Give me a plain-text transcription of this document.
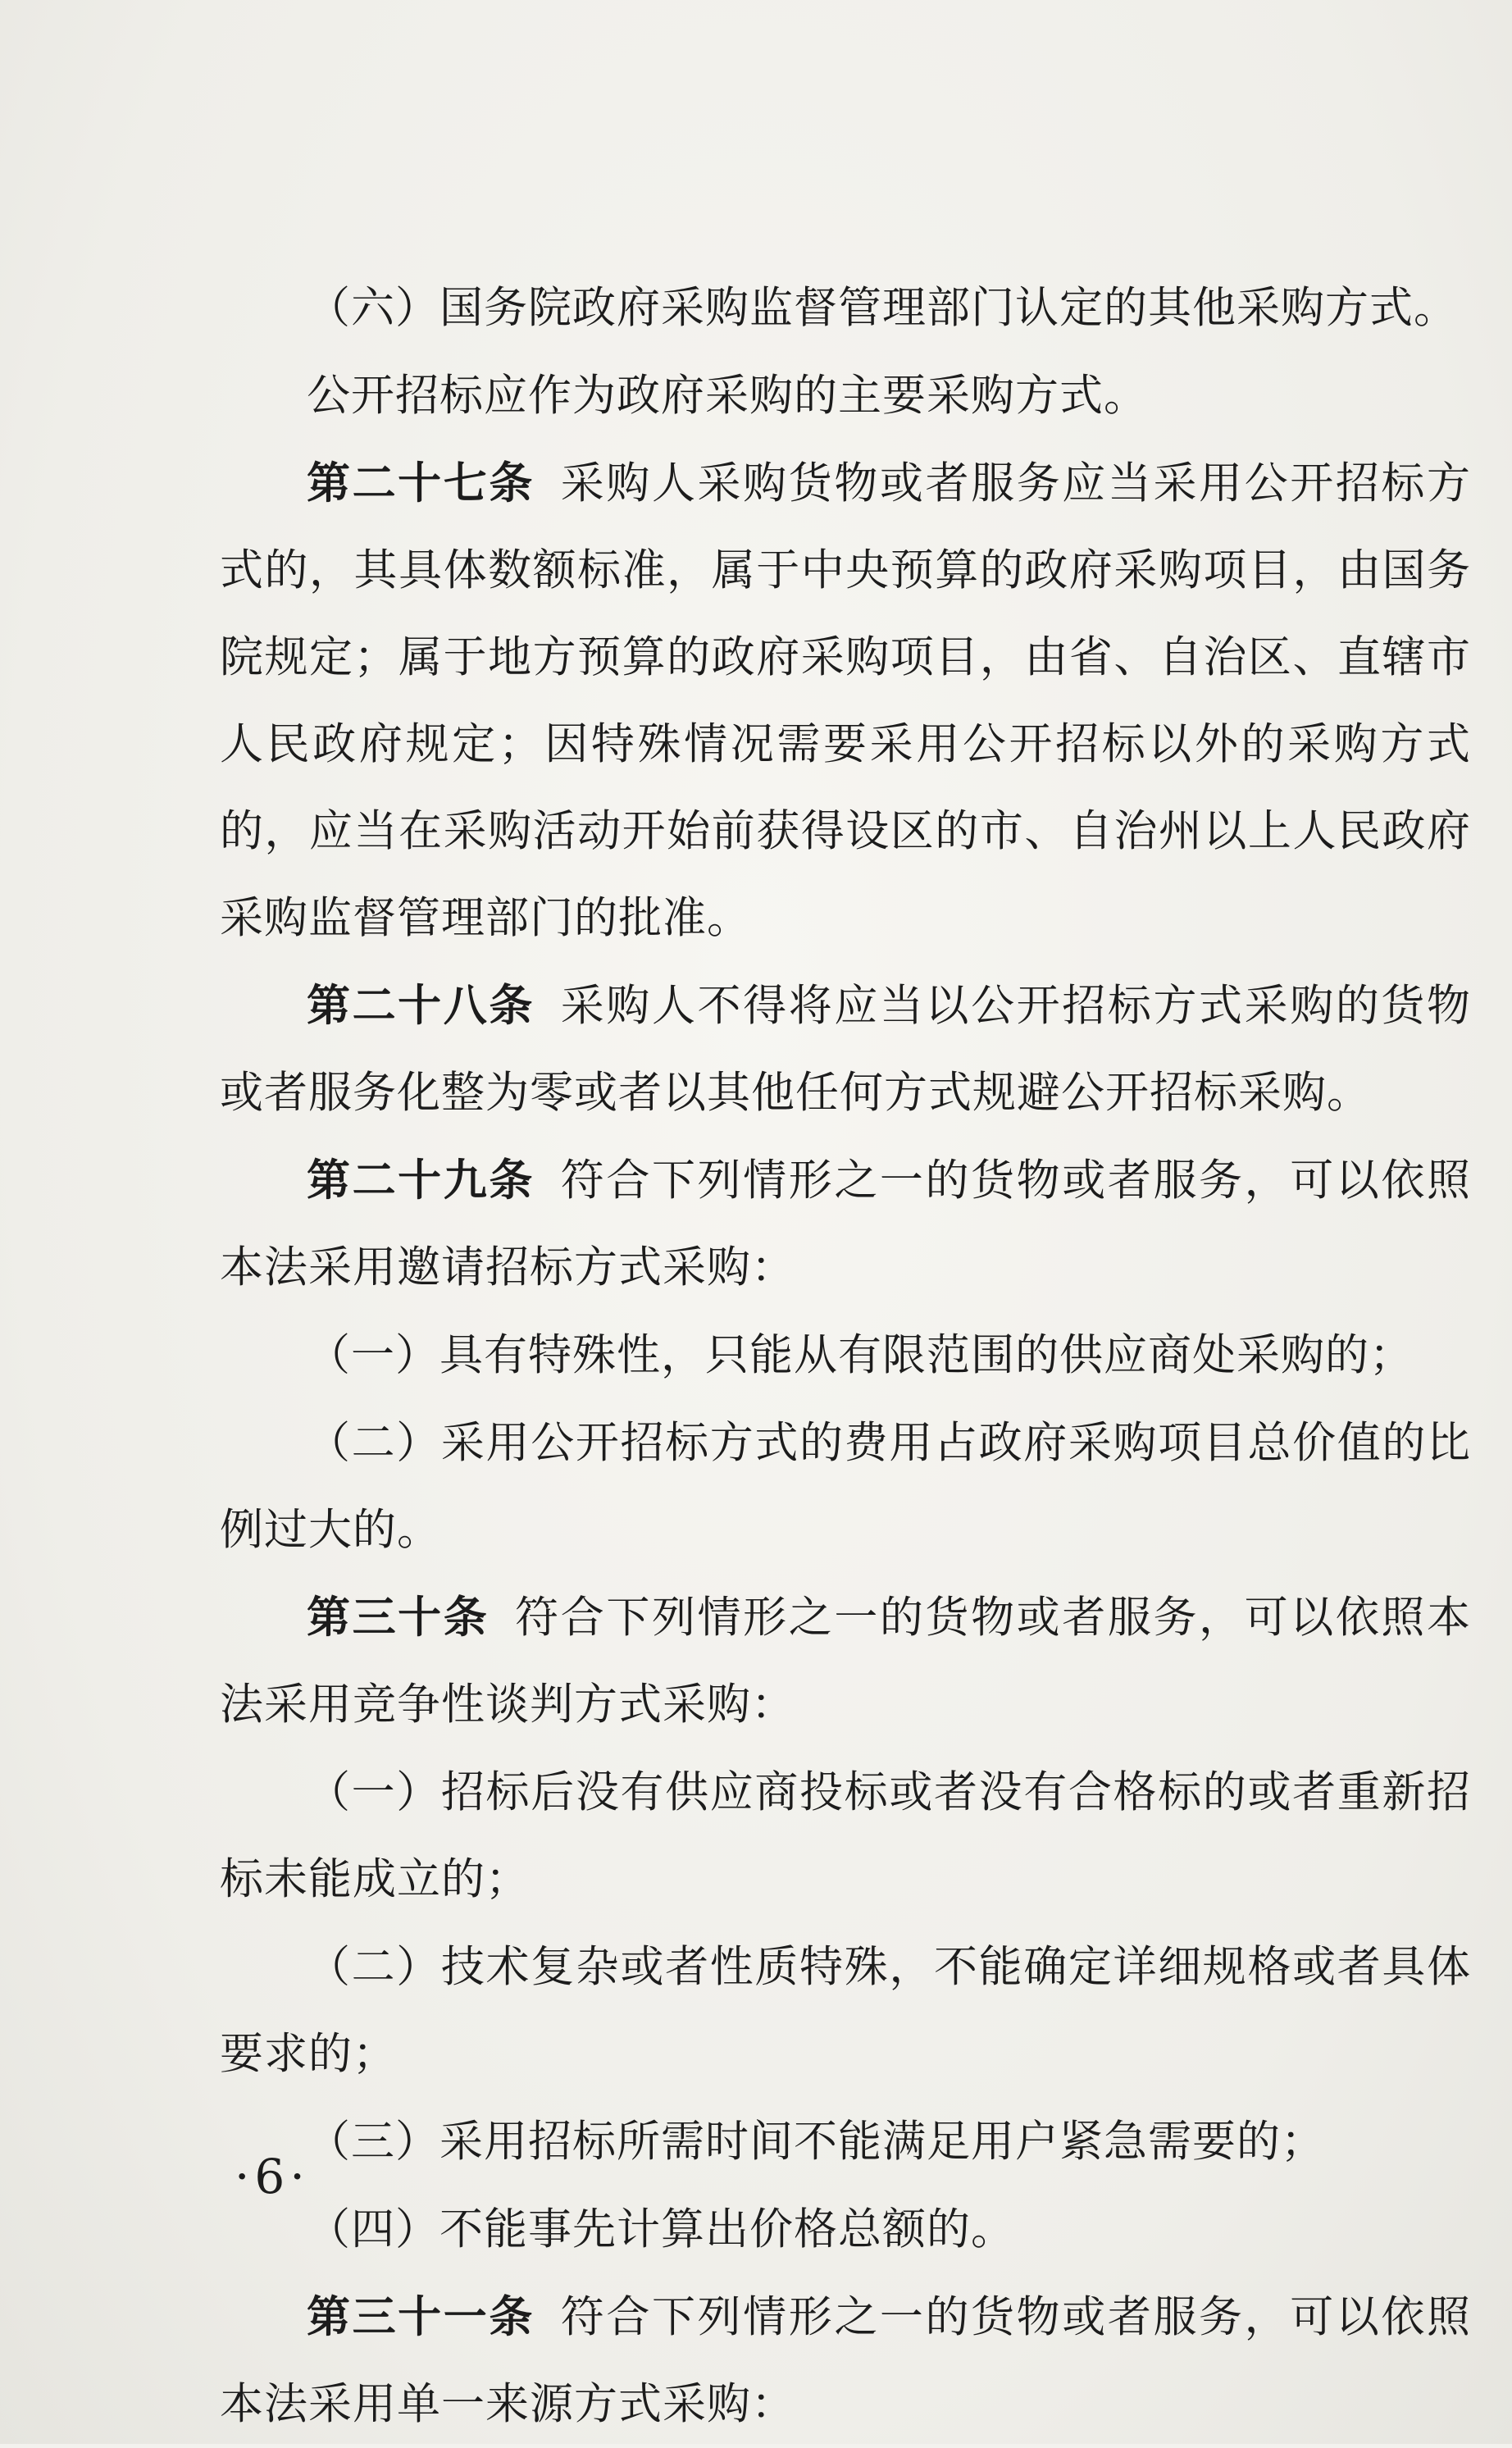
（六）国务院政府采购监督管理部门认定的其他采购方式。

公开招标应作为政府采购的主要采购方式。

第二十七条 采购人采购货物或者服务应当采用公开招标方式的，其具体数额标准，属于中央预算的政府采购项目，由国务院规定；属于地方预算的政府采购项目，由省、自治区、直辖市人民政府规定；因特殊情况需要采用公开招标以外的采购方式的，应当在采购活动开始前获得设区的市、自治州以上人民政府采购监督管理部门的批准。

第二十八条 采购人不得将应当以公开招标方式采购的货物或者服务化整为零或者以其他任何方式规避公开招标采购。

第二十九条 符合下列情形之一的货物或者服务，可以依照本法采用邀请招标方式采购：

（一）具有特殊性，只能从有限范围的供应商处采购的；

（二）采用公开招标方式的费用占政府采购项目总价值的比例过大的。

第三十条 符合下列情形之一的货物或者服务，可以依照本法采用竞争性谈判方式采购：

（一）招标后没有供应商投标或者没有合格标的或者重新招标未能成立的；

（二）技术复杂或者性质特殊，不能确定详细规格或者具体要求的；

（三）采用招标所需时间不能满足用户紧急需要的；

（四）不能事先计算出价格总额的。

第三十一条 符合下列情形之一的货物或者服务，可以依照本法采用单一来源方式采购：

·6·
